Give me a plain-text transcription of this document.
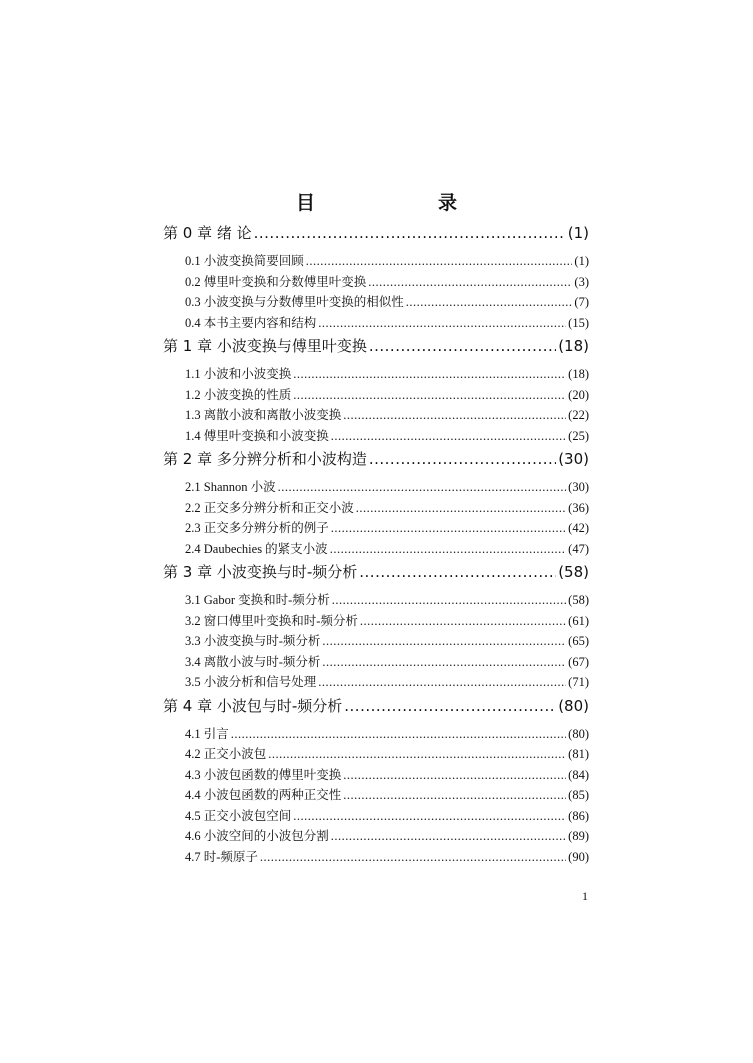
目　录
第 0 章 绪 论 .....	(1)
0.1 小波变换简要回顾 .....	(1)
0.2 傅里叶变换和分数傅里叶变换 .....	(3)
0.3 小波变换与分数傅里叶变换的相似性 .....	(7)
0.4 本书主要内容和结构 .....	(15)
第 1 章 小波变换与傅里叶变换 .....	(18)
1.1 小波和小波变换 .....	(18)
1.2 小波变换的性质 .....	(20)
1.3 离散小波和离散小波变换 .....	(22)
1.4 傅里叶变换和小波变换 .....	(25)
第 2 章 多分辨分析和小波构造 .....	(30)
2.1 Shannon 小波 .....	(30)
2.2 正交多分辨分析和正交小波 .....	(36)
2.3 正交多分辨分析的例子 .....	(42)
2.4 Daubechies 的紧支小波 .....	(47)
第 3 章 小波变换与时-频分析 .....	(58)
3.1 Gabor 变换和时-频分析 .....	(58)
3.2 窗口傅里叶变换和时-频分析 .....	(61)
3.3 小波变换与时-频分析 .....	(65)
3.4 离散小波与时-频分析 .....	(67)
3.5 小波分析和信号处理 .....	(71)
第 4 章 小波包与时-频分析 .....	(80)
4.1 引言 .....	(80)
4.2 正交小波包 .....	(81)
4.3 小波包函数的傅里叶变换 .....	(84)
4.4 小波包函数的两种正交性 .....	(85)
4.5 正交小波包空间 .....	(86)
4.6 小波空间的小波包分割 .....	(89)
4.7 时-频原子 .....	(90)
1
